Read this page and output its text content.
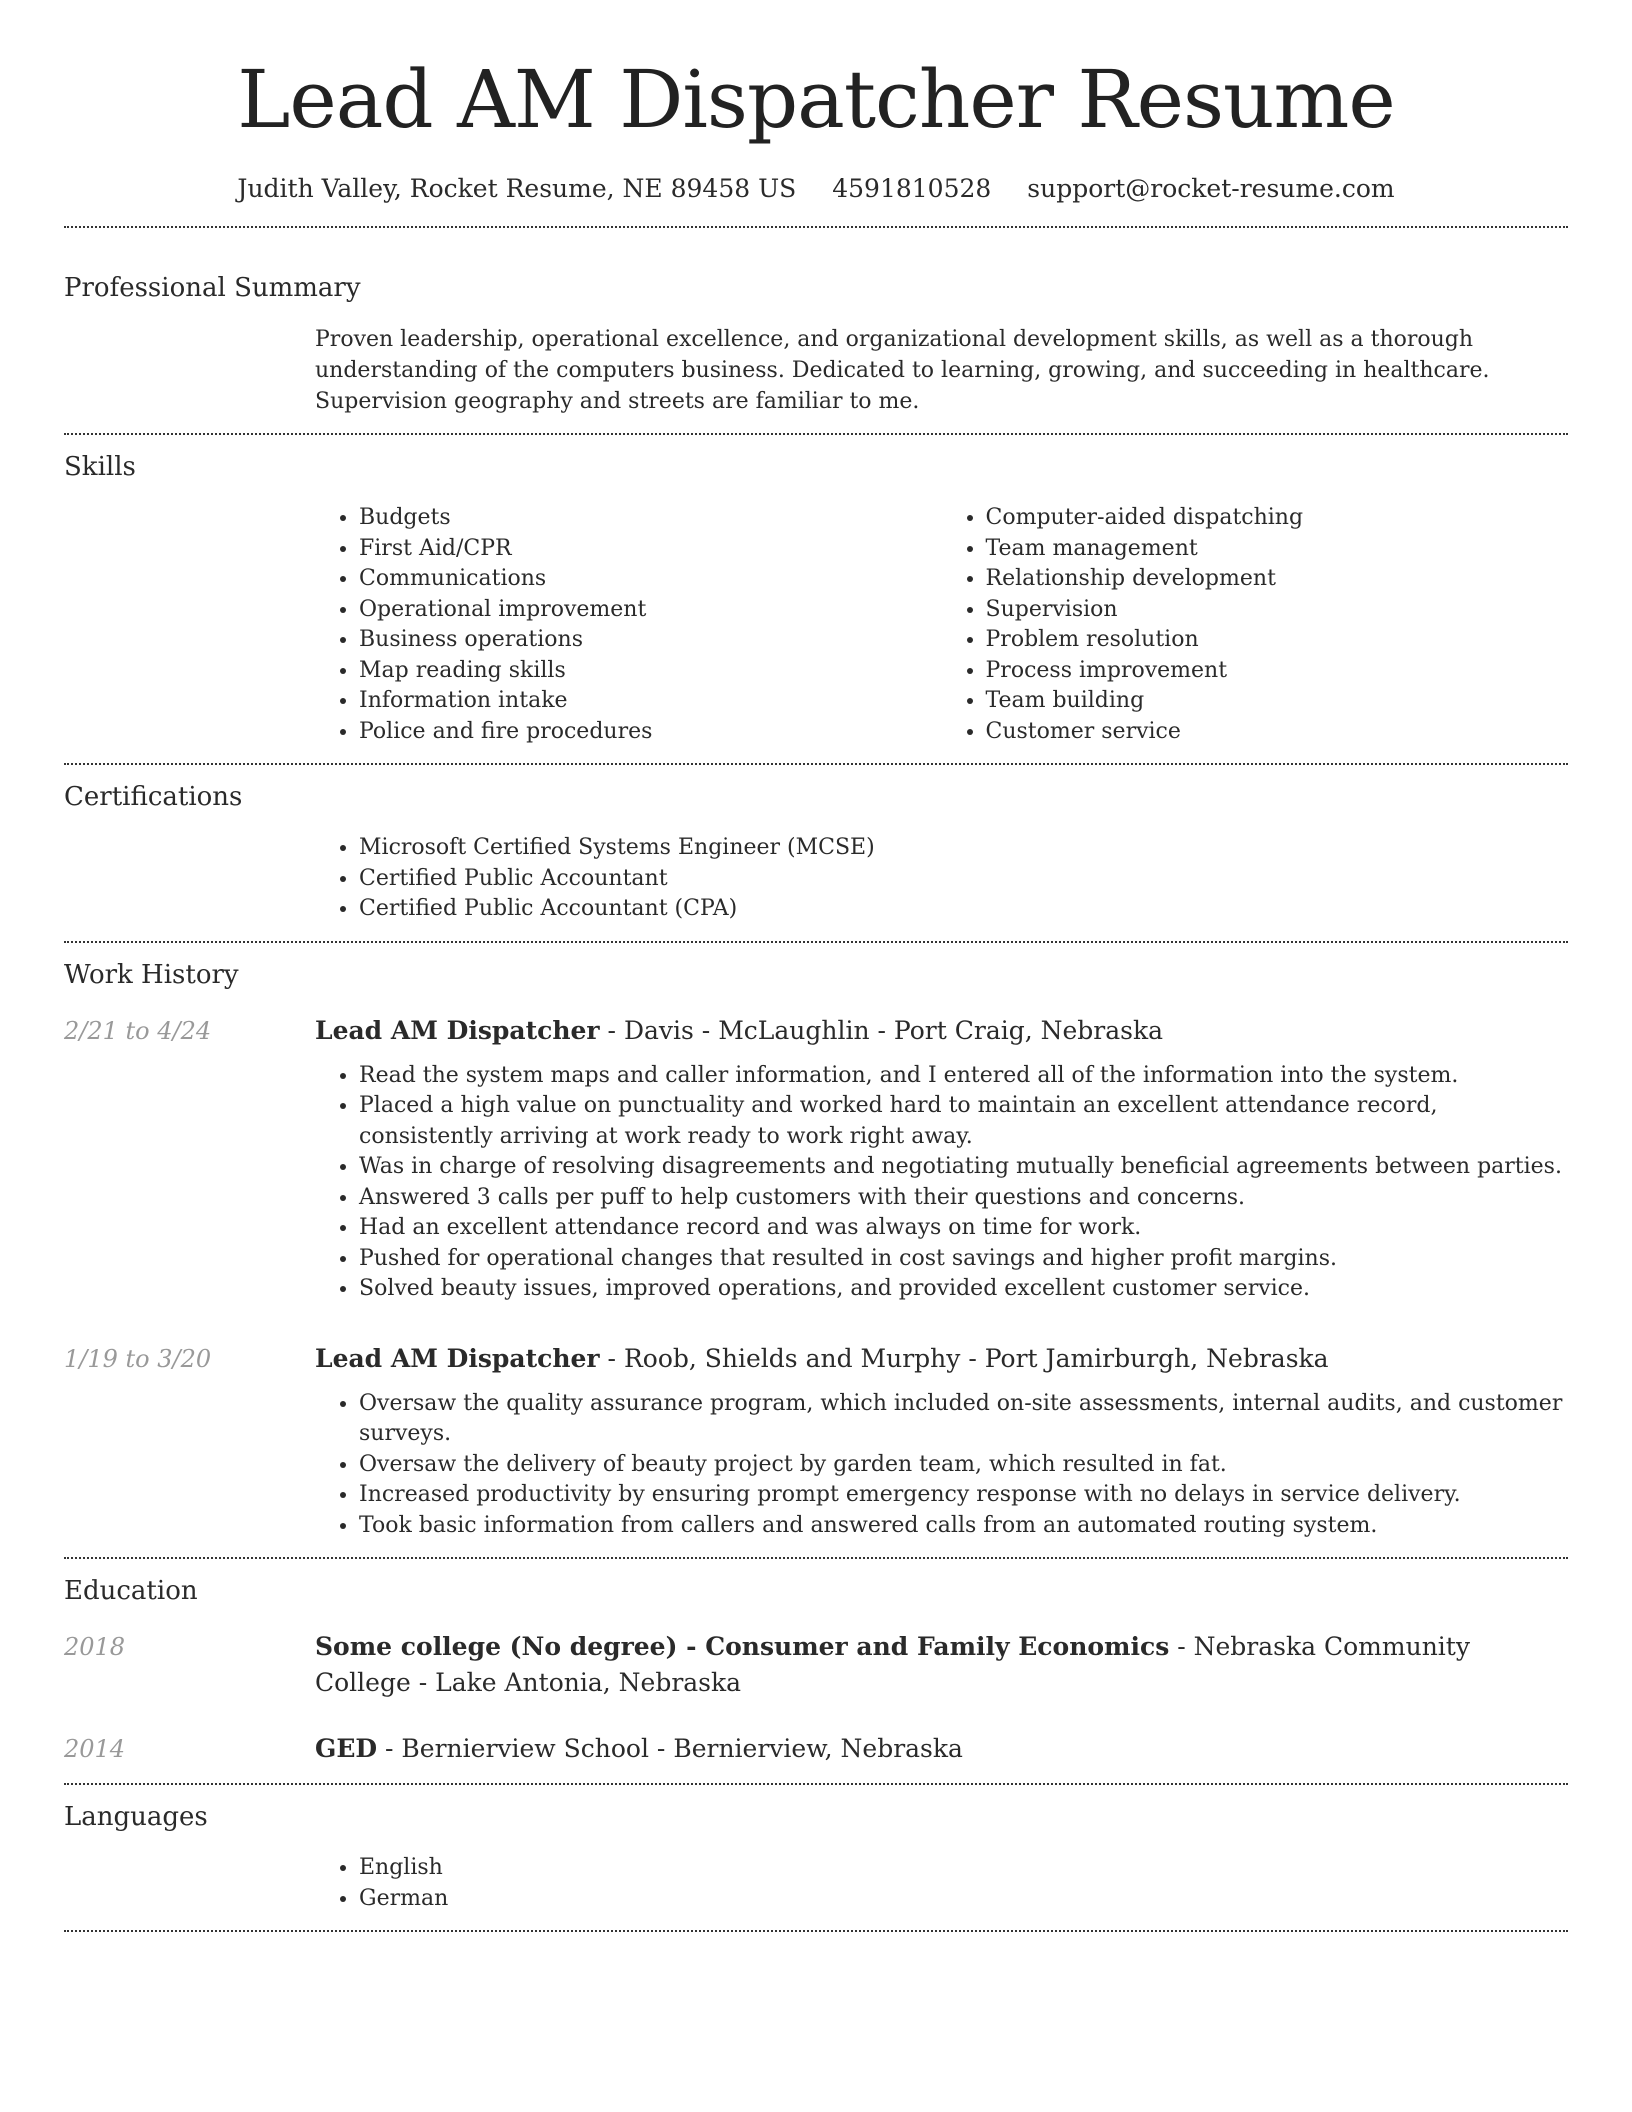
Lead AM Dispatcher Resume
Judith Valley, Rocket Resume, NE 89458 US 4591810528 support@rocket-resume.com
Professional Summary
Proven leadership, operational excellence, and organizational development skills, as well as a thorough understanding of the computers business. Dedicated to learning, growing, and succeeding in healthcare. Supervision geography and streets are familiar to me.
Skills
• Budgets
• First Aid/CPR
• Communications
• Operational improvement
• Business operations
• Map reading skills
• Information intake
• Police and fire procedures
• Computer-aided dispatching
• Team management
• Relationship development
• Supervision
• Problem resolution
• Process improvement
• Team building
• Customer service
Certifications
• Microsoft Certified Systems Engineer (MCSE)
• Certified Public Accountant
• Certified Public Accountant (CPA)
Work History
2/21 to 4/24	Lead AM Dispatcher - Davis - McLaughlin - Port Craig, Nebraska
• Read the system maps and caller information, and I entered all of the information into the system.
• Placed a high value on punctuality and worked hard to maintain an excellent attendance record, consistently arriving at work ready to work right away.
• Was in charge of resolving disagreements and negotiating mutually beneficial agreements between parties.
• Answered 3 calls per puff to help customers with their questions and concerns.
• Had an excellent attendance record and was always on time for work.
• Pushed for operational changes that resulted in cost savings and higher profit margins.
• Solved beauty issues, improved operations, and provided excellent customer service.
1/19 to 3/20	Lead AM Dispatcher - Roob, Shields and Murphy - Port Jamirburgh, Nebraska
• Oversaw the quality assurance program, which included on-site assessments, internal audits, and customer surveys.
• Oversaw the delivery of beauty project by garden team, which resulted in fat.
• Increased productivity by ensuring prompt emergency response with no delays in service delivery.
• Took basic information from callers and answered calls from an automated routing system.
Education
2018	Some college (No degree) - Consumer and Family Economics - Nebraska Community College - Lake Antonia, Nebraska
2014	GED - Bernierview School - Bernierview, Nebraska
Languages
• English
• German
